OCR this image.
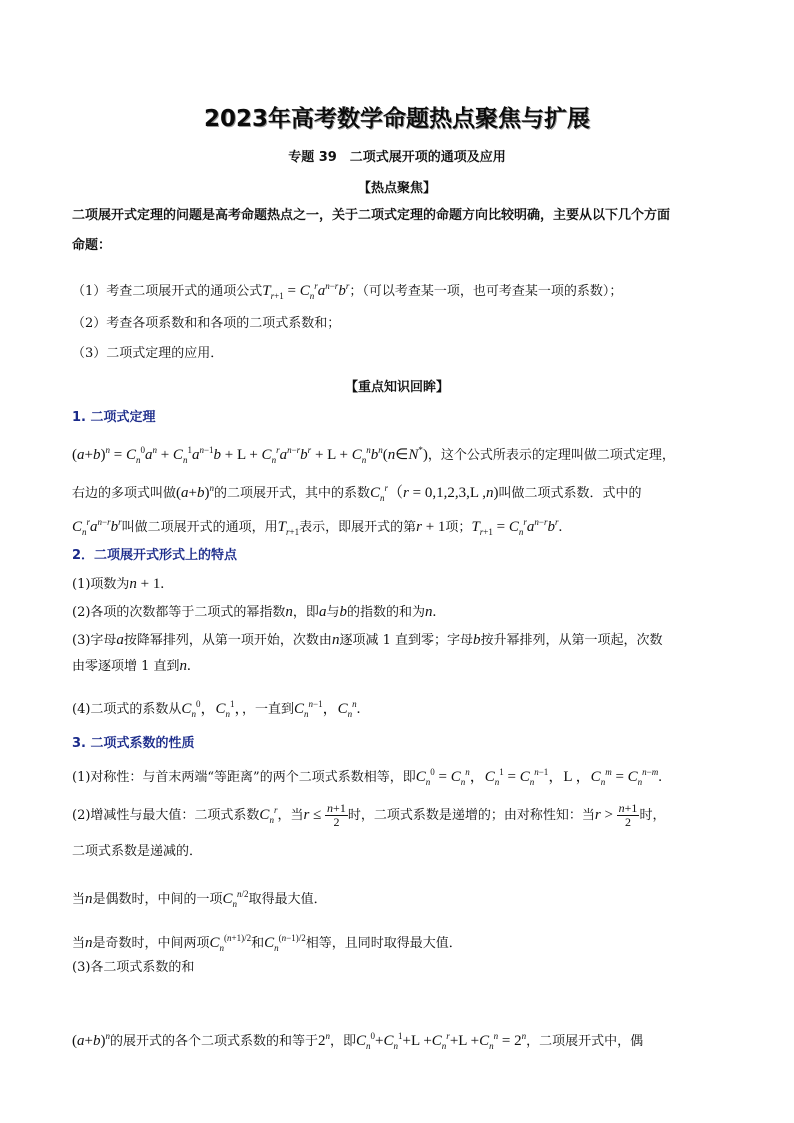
2023年高考数学命题热点聚焦与扩展
专题 39　二项式展开项的通项及应用
【热点聚焦】
二项展开式定理的问题是高考命题热点之一，关于二项式定理的命题方向比较明确，主要从以下几个方面
命题：
（1）考查二项展开式的通项公式$T_{r+1} = C_n^ra^{n-r}b^r$；（可以考查某一项，也可考查某一项的系数）；
（2）考查各项系数和和各项的二项式系数和；
（3）二项式定理的应用．
【重点知识回眸】
1. 二项式定理
$(a+b)^n = C_n^0a^n + C_n^1a^{n-1}b + L + C_n^ra^{n-r}b^r + L$ + $C_n^nb^n(n\in N^*)$，这个公式所表示的定理叫做二项式定理，
右边的多项式叫做$(a+b)^n$的二项展开式，其中的系数$C_n^r(r = 0,1,2,3,L$ ,n)叫做二项式系数．式中的
$C_n^ra^{n-r}b^r$叫做二项展开式的通项，用$T_{r+1}$表示，即展开式的第r + 1项；$T_{r+1} = C_n^ra^{n-r}b^r$.
2．二项展开式形式上的特点
(1)项数为n + 1.
(2)各项的次数都等于二项式的幂指数n，即a与b的指数的和为n.
(3)字母a按降幂排列，从第一项开始，次数由n逐项减 1 直到零；字母b按升幂排列，从第一项起，次数
由零逐项增 1 直到n.
(4)二项式的系数从$C_n^0$，$C_n^1$，，一直到$C_n^{n-1}$，$C_n^n$.
3. 二项式系数的性质
(1)对称性：与首末两端“等距离”的两个二项式系数相等，即$C_n^0 = C_n^n$，$C_n^1 = C_n^{n-1}$，L ，$C_n^m = C_n^{n-m}$.
(2)增减性与最大值：二项式系数$C_n^r$，当$r \le \frac{n+1}{2}$ 时，二项式系数是递增的；由对称性知：当$r > \frac{n+1}{2}$ 时，
二项式系数是递减的．
当n是偶数时，中间的一项$C_n^{n/2}$取得最大值．
当n是奇数时，中间两项$C_n^{(n+1)/2}$和$C_n^{(n-1)/2}$相等，且同时取得最大值．
(3)各二项式系数的和
$(a+b)^n$的展开式的各个二项式系数的和等于2$^n$，即$C_n^0+C_n^1+L +C_n^r+L +C_n^n = 2^n$，二项展开式中，偶
